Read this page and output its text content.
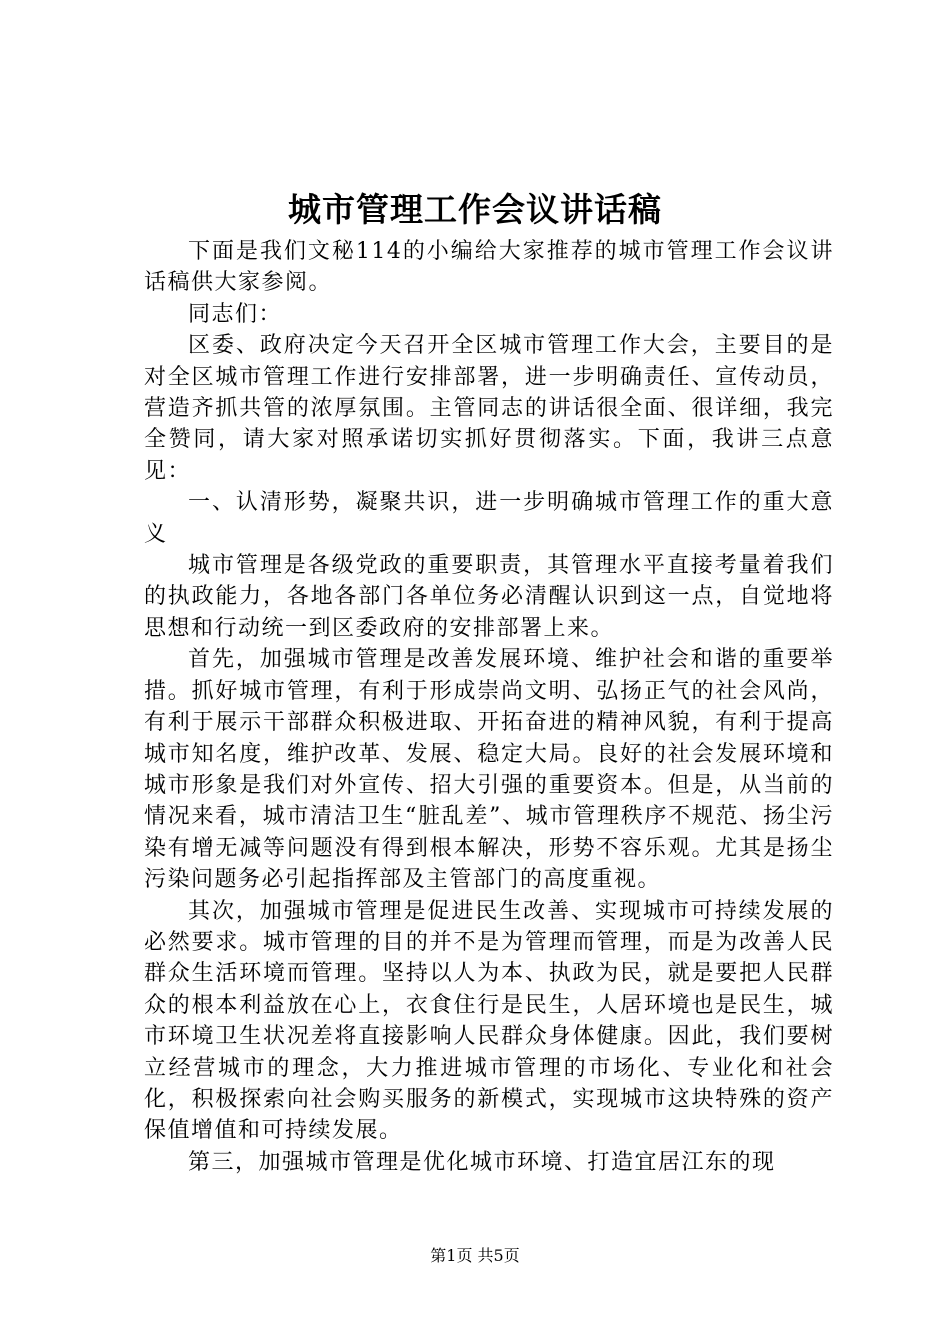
城市管理工作会议讲话稿

下面是我们文秘114的小编给大家推荐的城市管理工作会议讲话稿供大家参阅。

同志们：

区委、政府决定今天召开全区城市管理工作大会，主要目的是对全区城市管理工作进行安排部署，进一步明确责任、宣传动员，营造齐抓共管的浓厚氛围。主管同志的讲话很全面、很详细，我完全赞同，请大家对照承诺切实抓好贯彻落实。下面，我讲三点意见：

一、认清形势，凝聚共识，进一步明确城市管理工作的重大意义

城市管理是各级党政的重要职责，其管理水平直接考量着我们的执政能力，各地各部门各单位务必清醒认识到这一点，自觉地将思想和行动统一到区委政府的安排部署上来。

首先，加强城市管理是改善发展环境、维护社会和谐的重要举措。抓好城市管理，有利于形成崇尚文明、弘扬正气的社会风尚，有利于展示干部群众积极进取、开拓奋进的精神风貌，有利于提高城市知名度，维护改革、发展、稳定大局。良好的社会发展环境和城市形象是我们对外宣传、招大引强的重要资本。但是，从当前的情况来看，城市清洁卫生“脏乱差”、城市管理秩序不规范、扬尘污染有增无减等问题没有得到根本解决，形势不容乐观。尤其是扬尘污染问题务必引起指挥部及主管部门的高度重视。

其次，加强城市管理是促进民生改善、实现城市可持续发展的必然要求。城市管理的目的并不是为管理而管理，而是为改善人民群众生活环境而管理。坚持以人为本、执政为民，就是要把人民群众的根本利益放在心上，衣食住行是民生，人居环境也是民生，城市环境卫生状况差将直接影响人民群众身体健康。因此，我们要树立经营城市的理念，大力推进城市管理的市场化、专业化和社会化，积极探索向社会购买服务的新模式，实现城市这块特殊的资产保值增值和可持续发展。

第三，加强城市管理是优化城市环境、打造宜居江东的现

第1页 共5页
